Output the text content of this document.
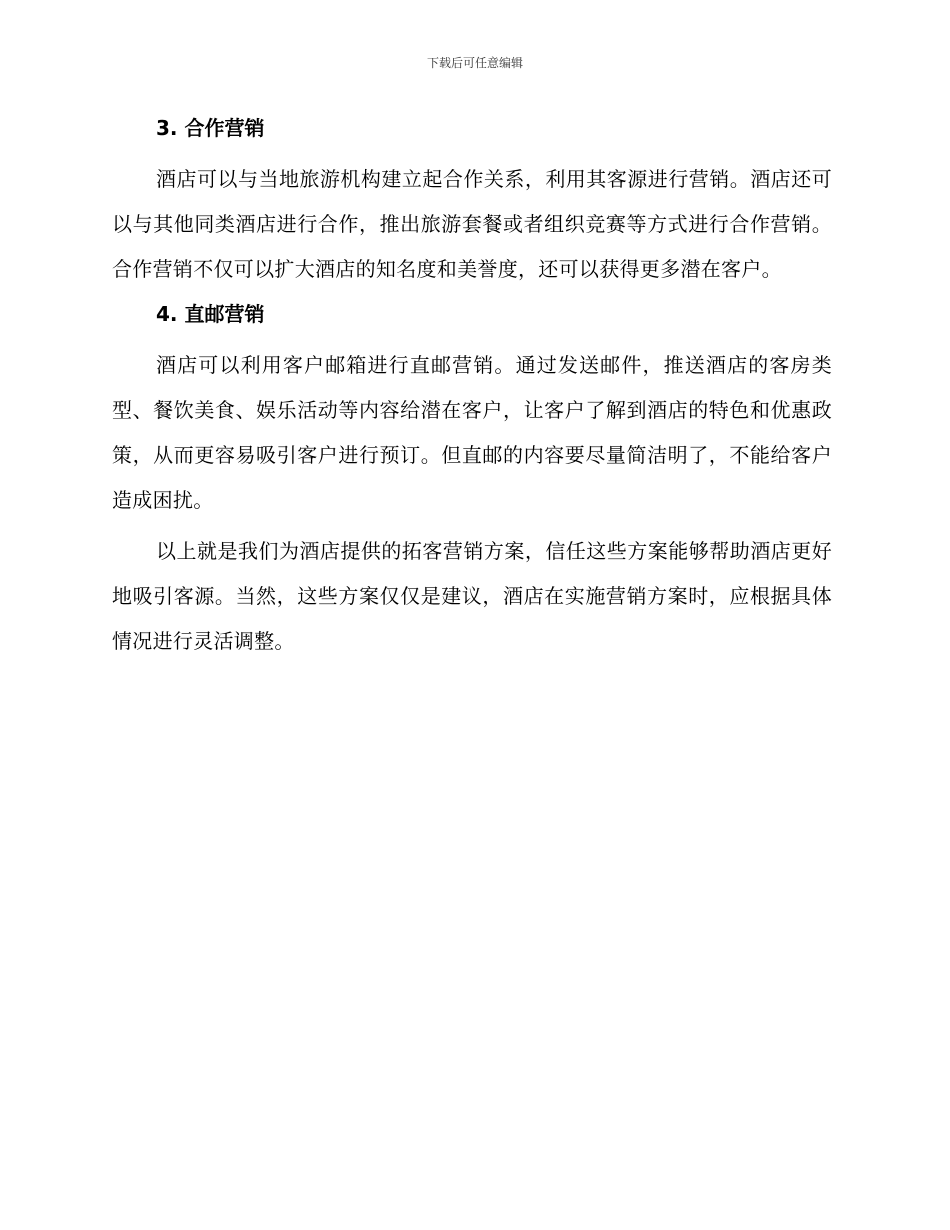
下载后可任意编辑
3. 合作营销

酒店可以与当地旅游机构建立起合作关系，利用其客源进行营销。酒店还可以与其他同类酒店进行合作，推出旅游套餐或者组织竞赛等方式进行合作营销。合作营销不仅可以扩大酒店的知名度和美誉度，还可以获得更多潜在客户。

4. 直邮营销

酒店可以利用客户邮箱进行直邮营销。通过发送邮件，推送酒店的客房类型、餐饮美食、娱乐活动等内容给潜在客户，让客户了解到酒店的特色和优惠政策，从而更容易吸引客户进行预订。但直邮的内容要尽量简洁明了，不能给客户造成困扰。

以上就是我们为酒店提供的拓客营销方案，信任这些方案能够帮助酒店更好地吸引客源。当然，这些方案仅仅是建议，酒店在实施营销方案时，应根据具体情况进行灵活调整。
